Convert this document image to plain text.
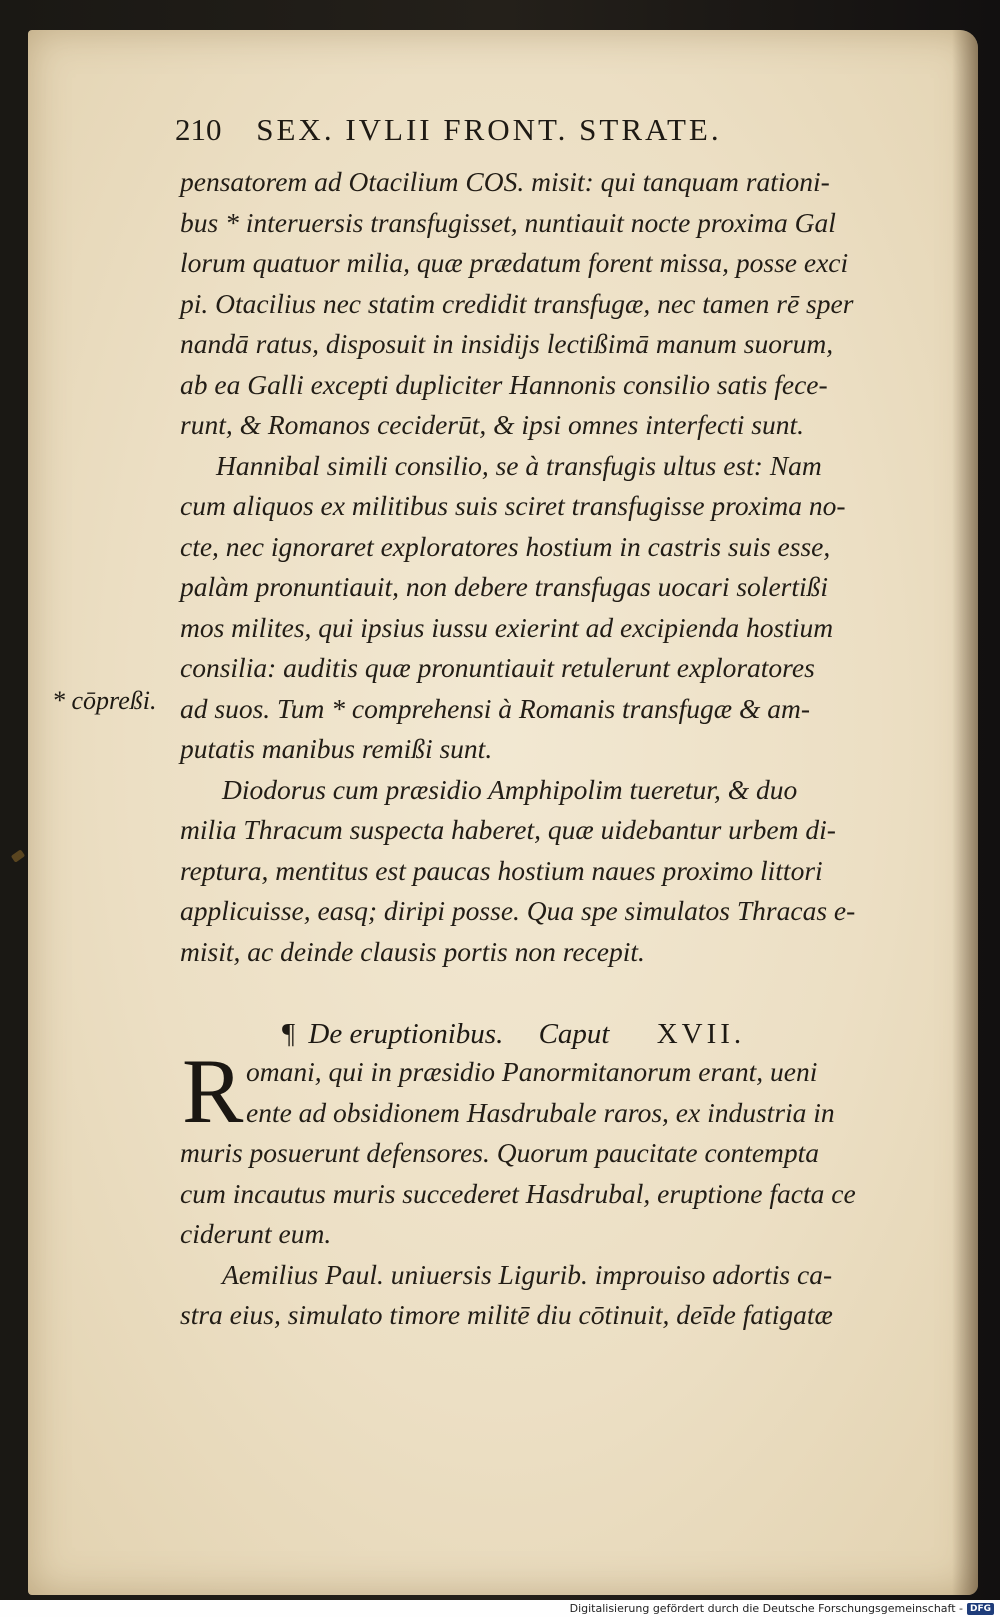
210 SEX. IVLII FRONT. STRATE.
pensatorem ad Otacilium COS. misit: qui tanquam rationi-
bus * interuersis transfugisset, nuntiauit nocte proxima Gal
lorum quatuor milia, quæ prædatum forent missa, posse exci
pi. Otacilius nec statim credidit transfugæ, nec tamen rē sper
nandā ratus, disposuit in insidijs lectißimā manum suorum,
ab ea Galli excepti dupliciter Hannonis consilio satis fece-
runt, & Romanos ceciderūt, & ipsi omnes interfecti sunt.
Hannibal simili consilio, se à transfugis ultus est: Nam
cum aliquos ex militibus suis sciret transfugisse proxima no-
cte, nec ignoraret exploratores hostium in castris suis esse,
palàm pronuntiauit, non debere transfugas uocari solertißi
mos milites, qui ipsius iussu exierint ad excipienda hostium
consilia: auditis quæ pronuntiauit retulerunt exploratores
ad suos. Tum * comprehensi à Romanis transfugæ & am-
putatis manibus remißi sunt.
Diodorus cum præsidio Amphipolim tueretur, & duo
milia Thracum suspecta haberet, quæ uidebantur urbem di-
reptura, mentitus est paucas hostium naues proximo littori
applicuisse, easq; diripi posse. Qua spe simulatos Thracas e-
misit, ac deinde clausis portis non recepit.
* cōpreßi.
¶ De eruptionibus. Caput XVII.
R omani, qui in præsidio Panormitanorum erant, ueni
ente ad obsidionem Hasdrubale raros, ex industria in
muris posuerunt defensores. Quorum paucitate contempta
cum incautus muris succederet Hasdrubal, eruptione facta ce
ciderunt eum.
Aemilius Paul. uniuersis Ligurib. improuiso adortis ca-
stra eius, simulato timore militē diu cōtinuit, deīde fatigatæ
Digitalisierung gefördert durch die Deutsche Forschungsgemeinschaft - DFG
